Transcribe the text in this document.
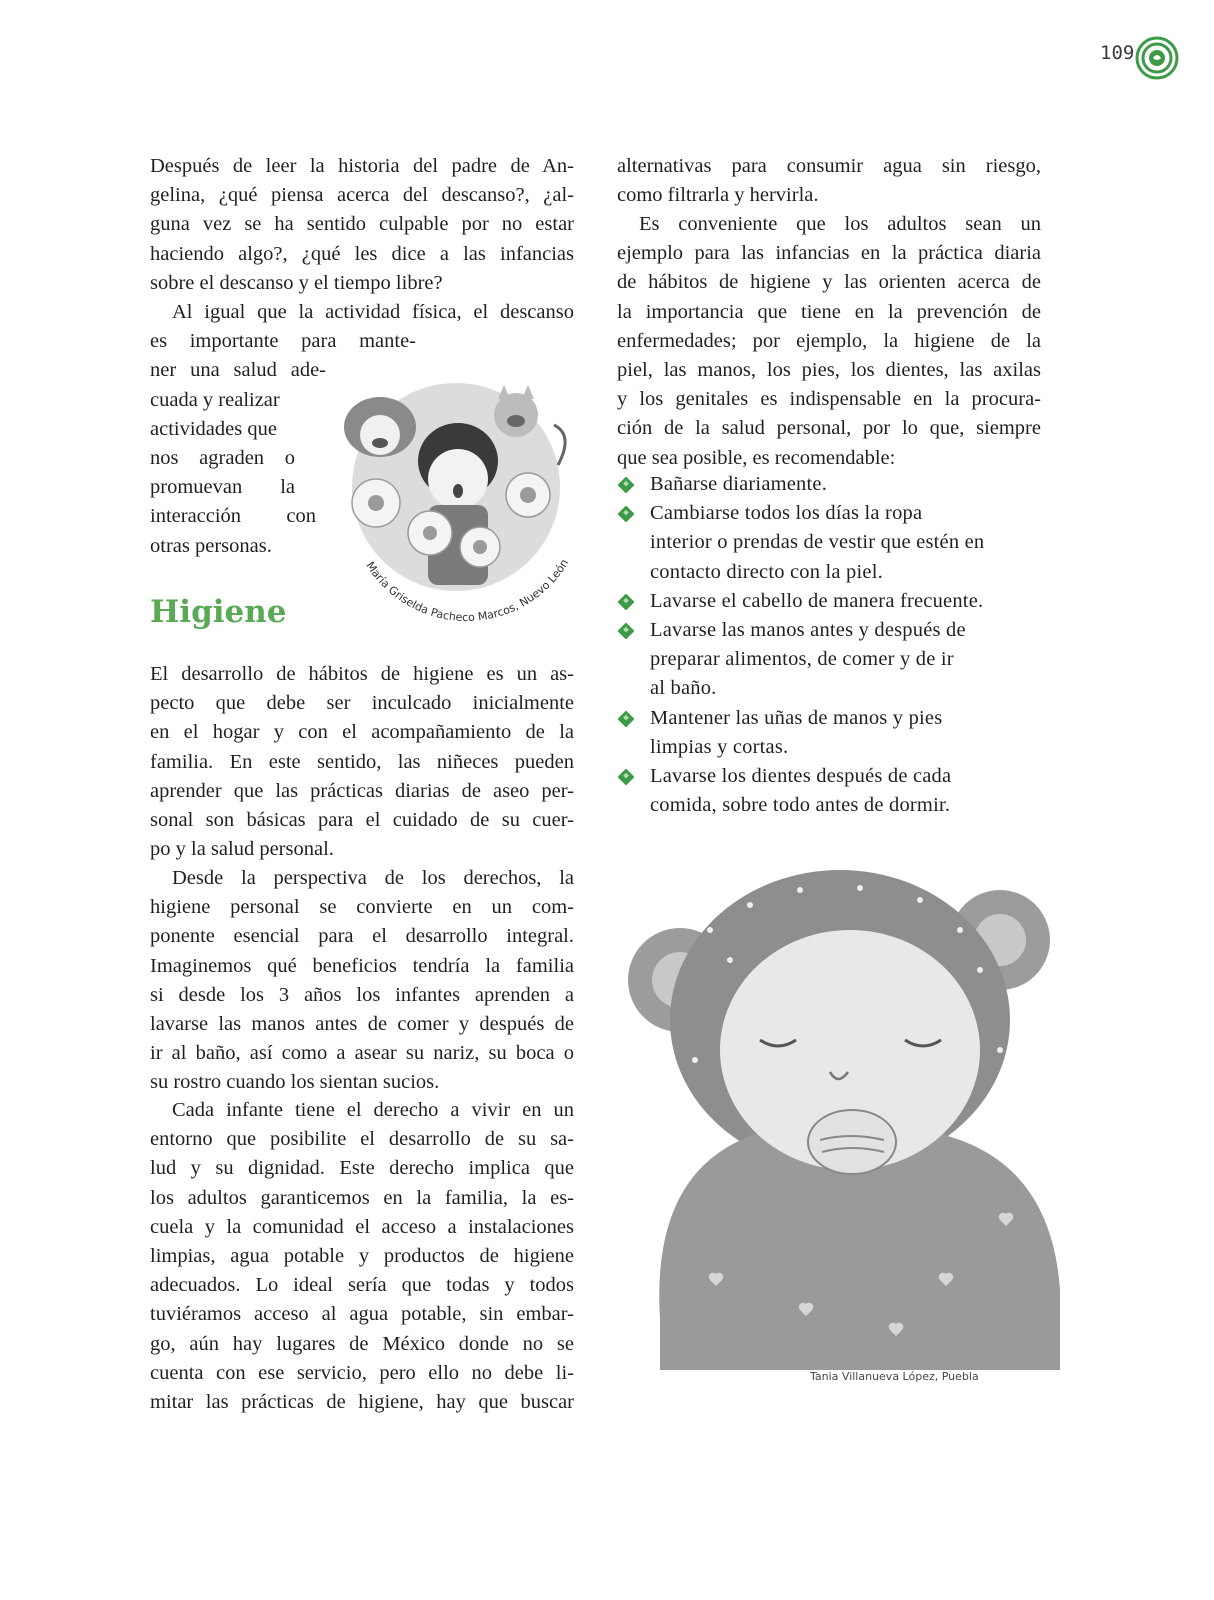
109
Después de leer la historia del padre de An-
gelina, ¿qué piensa acerca del descanso?, ¿al-
guna vez se ha sentido culpable por no estar
haciendo algo?, ¿qué les dice a las infancias
sobre el descanso y el tiempo libre?
Al igual que la actividad física, el descanso
es importante para mante-
ner una salud ade-
cuada y realizar
actividades que
nos agraden o
promuevan la
interacción con
otras personas.
María Griselda Pacheco Marcos, Nuevo León
Higiene
El desarrollo de hábitos de higiene es un as-
pecto que debe ser inculcado inicialmente
en el hogar y con el acompañamiento de la
familia. En este sentido, las niñeces pueden
aprender que las prácticas diarias de aseo per-
sonal son básicas para el cuidado de su cuer-
po y la salud personal.
Desde la perspectiva de los derechos, la
higiene personal se convierte en un com-
ponente esencial para el desarrollo integral.
Imaginemos qué beneficios tendría la familia
si desde los 3 años los infantes aprenden a
lavarse las manos antes de comer y después de
ir al baño, así como a asear su nariz, su boca o
su rostro cuando los sientan sucios.
Cada infante tiene el derecho a vivir en un
entorno que posibilite el desarrollo de su sa-
lud y su dignidad. Este derecho implica que
los adultos garanticemos en la familia, la es-
cuela y la comunidad el acceso a instalaciones
limpias, agua potable y productos de higiene
adecuados. Lo ideal sería que todas y todos
tuviéramos acceso al agua potable, sin embar-
go, aún hay lugares de México donde no se
cuenta con ese servicio, pero ello no debe li-
mitar las prácticas de higiene, hay que buscar
alternativas para consumir agua sin riesgo,
como filtrarla y hervirla.
Es conveniente que los adultos sean un
ejemplo para las infancias en la práctica diaria
de hábitos de higiene y las orienten acerca de
la importancia que tiene en la prevención de
enfermedades; por ejemplo, la higiene de la
piel, las manos, los pies, los dientes, las axilas
y los genitales es indispensable en la procura-
ción de la salud personal, por lo que, siempre
que sea posible, es recomendable:
Bañarse diariamente.
Cambiarse todos los días la ropa
interior o prendas de vestir que estén en
contacto directo con la piel.
Lavarse el cabello de manera frecuente.
Lavarse las manos antes y después de
preparar alimentos, de comer y de ir
al baño.
Mantener las uñas de manos y pies
limpias y cortas.
Lavarse los dientes después de cada
comida, sobre todo antes de dormir.
Tania Villanueva López, Puebla
